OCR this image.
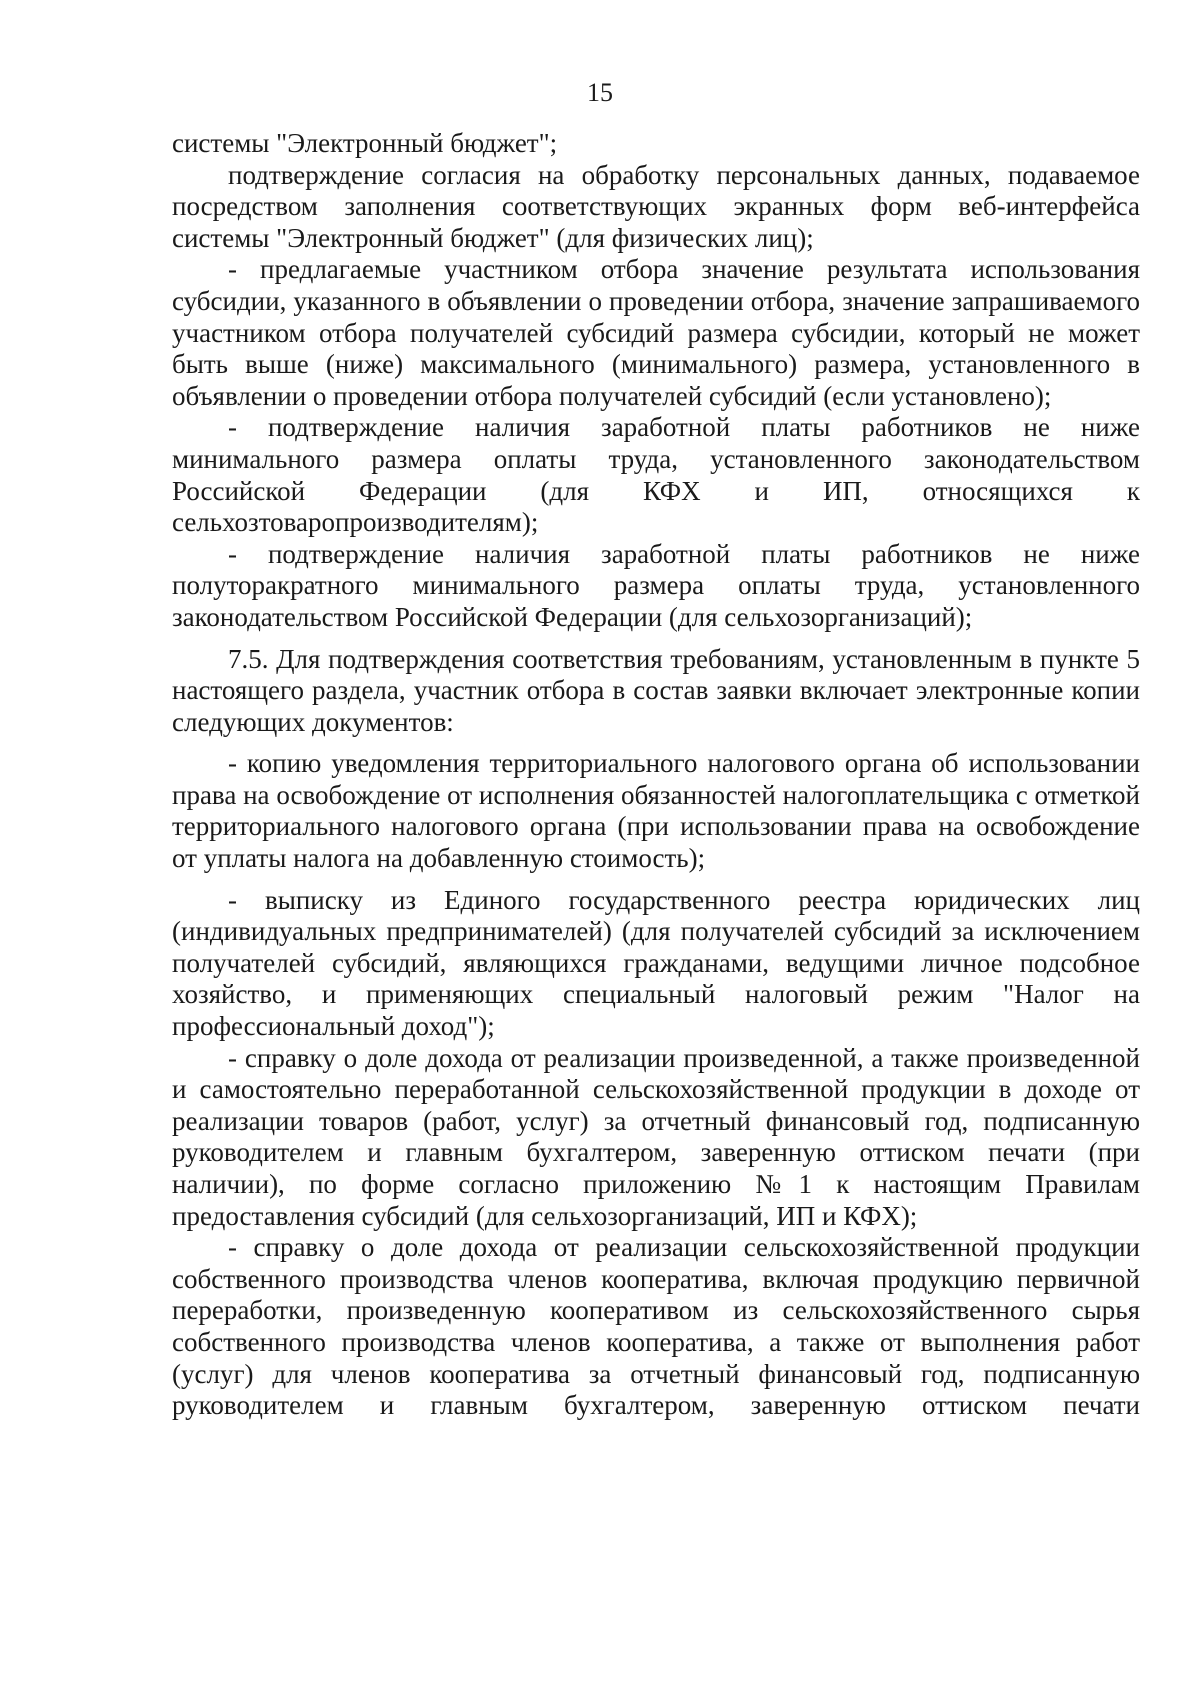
15

системы "Электронный бюджет";

подтверждение согласия на обработку персональных данных, подаваемое посредством заполнения соответствующих экранных форм веб-интерфейса системы "Электронный бюджет" (для физических лиц);

- предлагаемые участником отбора значение результата использования субсидии, указанного в объявлении о проведении отбора, значение запрашиваемого участником отбора получателей субсидий размера субсидии, который не может быть выше (ниже) максимального (минимального) размера, установленного в объявлении о проведении отбора получателей субсидий (если установлено);

- подтверждение наличия заработной платы работников не ниже минимального размера оплаты труда, установленного законодательством Российской Федерации (для КФХ и ИП, относящихся к сельхозтоваропроизводителям);

- подтверждение наличия заработной платы работников не ниже полуторакратного минимального размера оплаты труда, установленного законодательством Российской Федерации (для сельхозорганизаций);

7.5. Для подтверждения соответствия требованиям, установленным в пункте 5 настоящего раздела, участник отбора в состав заявки включает электронные копии следующих документов:

- копию уведомления территориального налогового органа об использовании права на освобождение от исполнения обязанностей налогоплательщика с отметкой территориального налогового органа (при использовании права на освобождение от уплаты налога на добавленную стоимость);

- выписку из Единого государственного реестра юридических лиц (индивидуальных предпринимателей) (для получателей субсидий за исключением получателей субсидий, являющихся гражданами, ведущими личное подсобное хозяйство, и применяющих специальный налоговый режим "Налог на профессиональный доход");

- справку о доле дохода от реализации произведенной, а также произведенной и самостоятельно переработанной сельскохозяйственной продукции в доходе от реализации товаров (работ, услуг) за отчетный финансовый год, подписанную руководителем и главным бухгалтером, заверенную оттиском печати (при наличии), по форме согласно приложению №1 к настоящим Правилам предоставления субсидий (для сельхозорганизаций, ИП и КФХ);

- справку о доле дохода от реализации сельскохозяйственной продукции собственного производства членов кооператива, включая продукцию первичной переработки, произведенную кооперативом из сельскохозяйственного сырья собственного производства членов кооператива, а также от выполнения работ (услуг) для членов кооператива за отчетный финансовый год, подписанную руководителем и главным бухгалтером, заверенную оттиском печати
